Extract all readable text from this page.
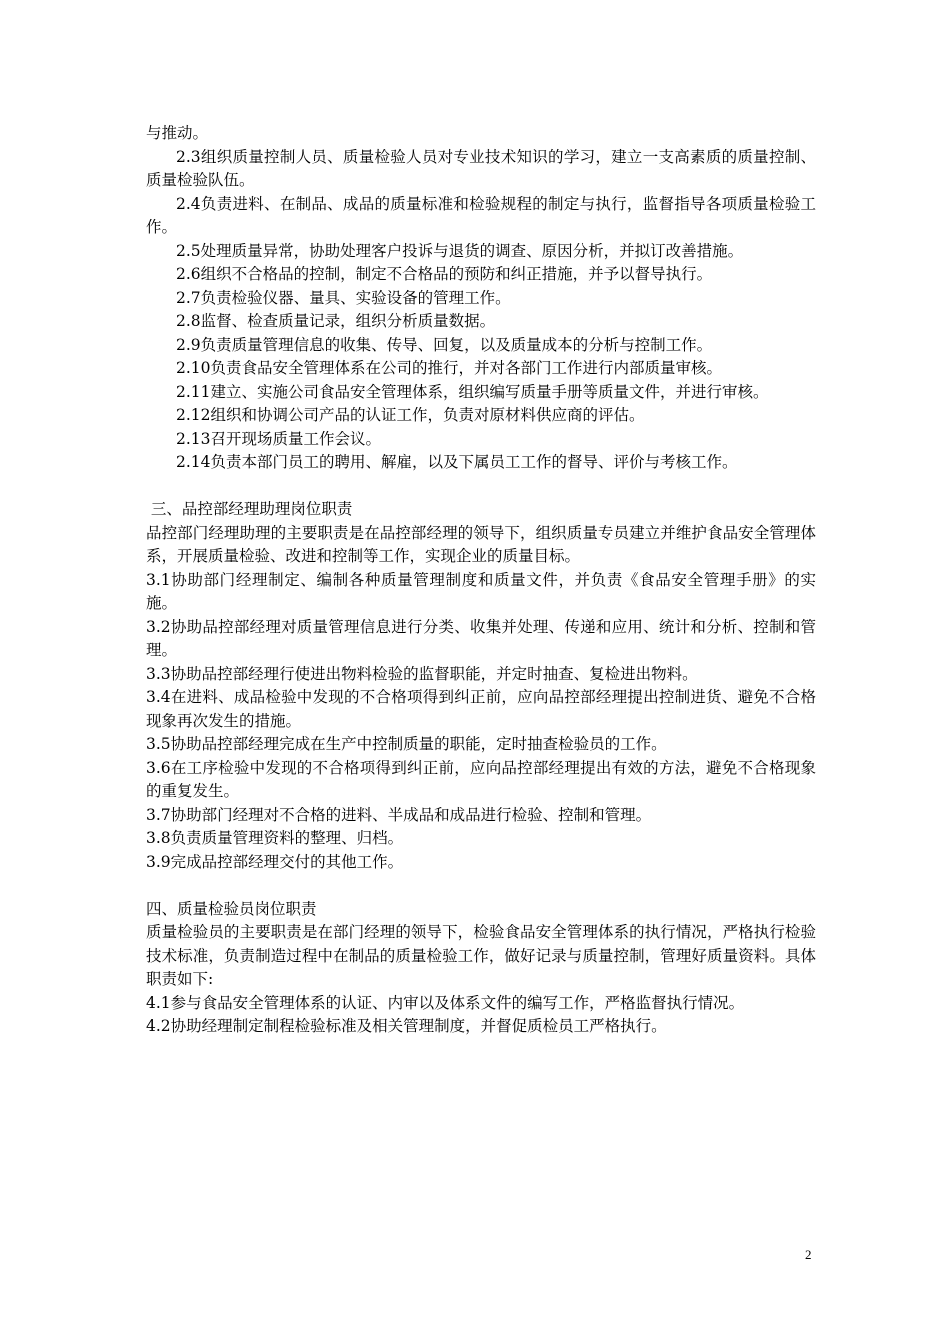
与推动。

2.3组织质量控制人员、质量检验人员对专业技术知识的学习，建立一支高素质的质量控制、质量检验队伍。

2.4负责进料、在制品、成品的质量标准和检验规程的制定与执行，监督指导各项质量检验工作。

2.5处理质量异常，协助处理客户投诉与退货的调查、原因分析，并拟订改善措施。

2.6组织不合格品的控制，制定不合格品的预防和纠正措施，并予以督导执行。

2.7负责检验仪器、量具、实验设备的管理工作。

2.8监督、检查质量记录，组织分析质量数据。

2.9负责质量管理信息的收集、传导、回复，以及质量成本的分析与控制工作。

2.10负责食品安全管理体系在公司的推行，并对各部门工作进行内部质量审核。

2.11建立、实施公司食品安全管理体系，组织编写质量手册等质量文件，并进行审核。

2.12组织和协调公司产品的认证工作，负责对原材料供应商的评估。

2.13召开现场质量工作会议。

2.14负责本部门员工的聘用、解雇，以及下属员工工作的督导、评价与考核工作。

三、品控部经理助理岗位职责

品控部门经理助理的主要职责是在品控部经理的领导下，组织质量专员建立并维护食品安全管理体系，开展质量检验、改进和控制等工作，实现企业的质量目标。

3.1协助部门经理制定、编制各种质量管理制度和质量文件，并负责《食品安全管理手册》的实施。

3.2协助品控部经理对质量管理信息进行分类、收集并处理、传递和应用、统计和分析、控制和管理。

3.3协助品控部经理行使进出物料检验的监督职能，并定时抽查、复检进出物料。

3.4在进料、成品检验中发现的不合格项得到纠正前，应向品控部经理提出控制进货、避免不合格现象再次发生的措施。

3.5协助品控部经理完成在生产中控制质量的职能，定时抽查检验员的工作。

3.6在工序检验中发现的不合格项得到纠正前，应向品控部经理提出有效的方法，避免不合格现象的重复发生。

3.7协助部门经理对不合格的进料、半成品和成品进行检验、控制和管理。

3.8负责质量管理资料的整理、归档。

3.9完成品控部经理交付的其他工作。

四、质量检验员岗位职责

质量检验员的主要职责是在部门经理的领导下，检验食品安全管理体系的执行情况，严格执行检验技术标准，负责制造过程中在制品的质量检验工作，做好记录与质量控制，管理好质量资料。具体职责如下:

4.1参与食品安全管理体系的认证、内审以及体系文件的编写工作，严格监督执行情况。

4.2协助经理制定制程检验标准及相关管理制度，并督促质检员工严格执行。

2
